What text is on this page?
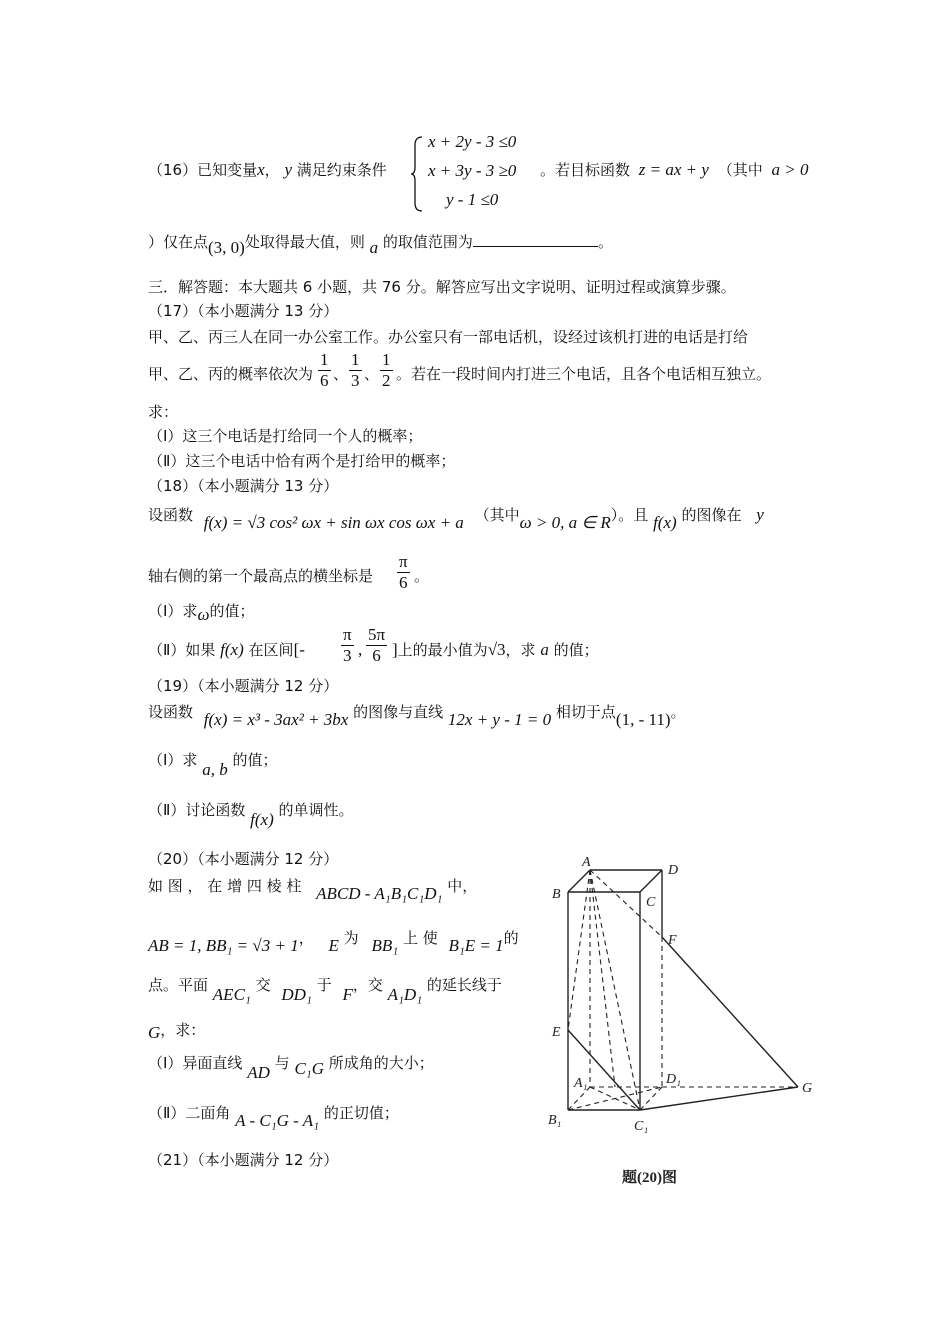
（16）已知变量x， y 满足约束条件
x + 2y - 3 ≤0
x + 3y - 3 ≥0
y - 1 ≤0
。若目标函数 z = ax + y （其中 a > 0
）仅在点(3, 0)处取得最大值，则 a 的取值范围为	。
三．解答题：本大题共 6 小题，共 76 分。解答应写出文字说明、证明过程或演算步骤。
（17）（本小题满分 13 分）
甲、乙、丙三人在同一办公室工作。办公室只有一部电话机，设经过该机打进的电话是打给
甲、乙、丙的概率依次为 $\frac{1}{6}$ 、 $\frac{1}{3}$ 、 $\frac{1}{2}$ 。若在一段时间内打进三个电话，且各个电话相互独立。
求：
（Ⅰ）这三个电话是打给同一个人的概率；
（Ⅱ）这三个电话中恰有两个是打给甲的概率；
（18）（本小题满分 13 分）
设函数 f(x) = √3 cos² ωx + sin ωx cos ωx + a （其中ω > 0, a ∈ R）。且 f(x) 的图像在 y
轴右侧的第一个最高点的横坐标是 $\frac{\pi}{6}$ 。
（Ⅰ）求ω的值；
（Ⅱ）如果 f(x) 在区间[- $\frac{\pi}{3}$ , $\frac{5\pi}{6}$ ]上的最小值为√3，求 a 的值；
（19）（本小题满分 12 分）
设函数 f(x) = x³ - 3ax² + 3bx 的图像与直线 12x + y - 1 = 0 相切于点(1, - 11)。
（Ⅰ）求 a, b 的值；
（Ⅱ）讨论函数 f(x) 的单调性。
（20）（本小题满分 12 分）
如 图 ， 在 增 四 棱 柱 ABCD - A₁B₁C₁D₁ 中，
AB = 1, BB₁ = √3 + 1， E 为 BB₁ 上 使 B₁E = 1的
点。平面 AEC₁ 交 DD₁ 于 F，交 A₁D₁ 的延长线于
G，求：
（Ⅰ）异面直线 AD 与 C₁G 所成角的大小；
（Ⅱ）二面角 A - C₁G - A₁ 的正切值；
（21）（本小题满分 12 分）
A
D
B
C
F
E
A₁	D₁
G
B₁	C₁
题(20)图
